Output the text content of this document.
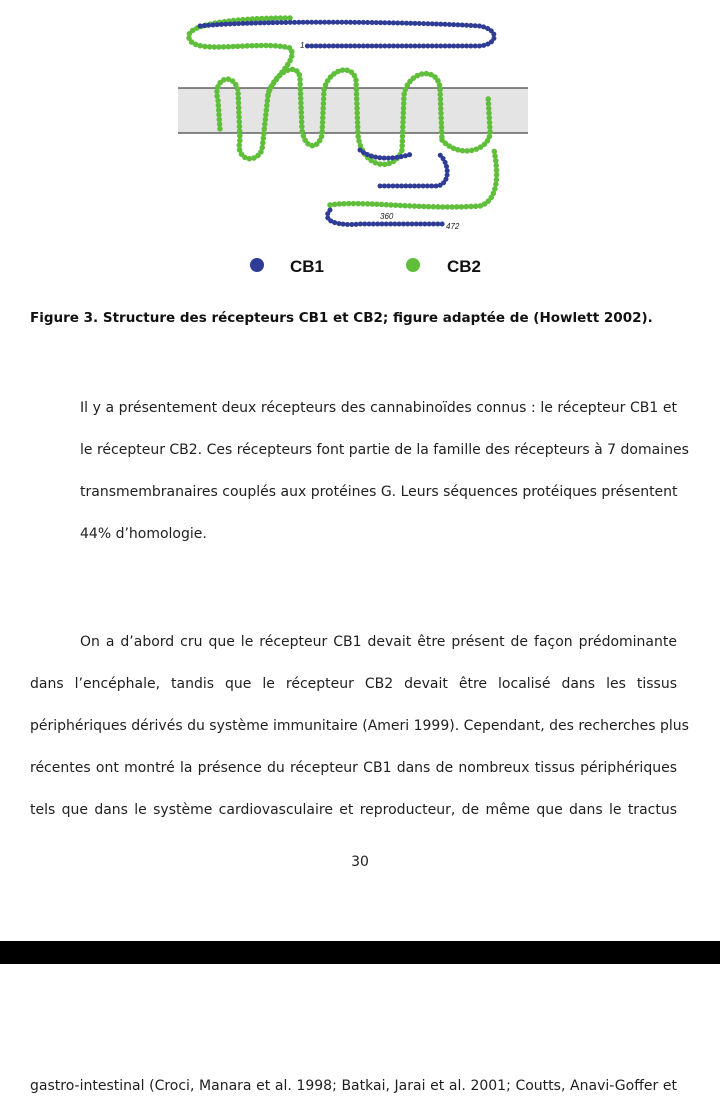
1
360
472
CB1	CB2
Figure 3. Structure des récepteurs CB1 et CB2; figure adaptée de (Howlett 2002).
Il y a présentement deux récepteurs des cannabinoïdes connus : le récepteur CB1 et
le récepteur CB2. Ces récepteurs font partie de la famille des récepteurs à 7 domaines
transmembranaires couplés aux protéines G. Leurs séquences protéiques présentent
44% d’homologie.
On a d’abord cru que le récepteur CB1 devait être présent de façon prédominante
dans l’encéphale, tandis que le récepteur CB2 devait être localisé dans les tissus
périphériques dérivés du système immunitaire (Ameri 1999). Cependant, des recherches plus
récentes ont montré la présence du récepteur CB1 dans de nombreux tissus périphériques
tels que dans le système cardiovasculaire et reproducteur, de même que dans le tractus
30
gastro-intestinal (Croci, Manara et al. 1998; Batkai, Jarai et al. 2001; Coutts, Anavi-Goffer et
